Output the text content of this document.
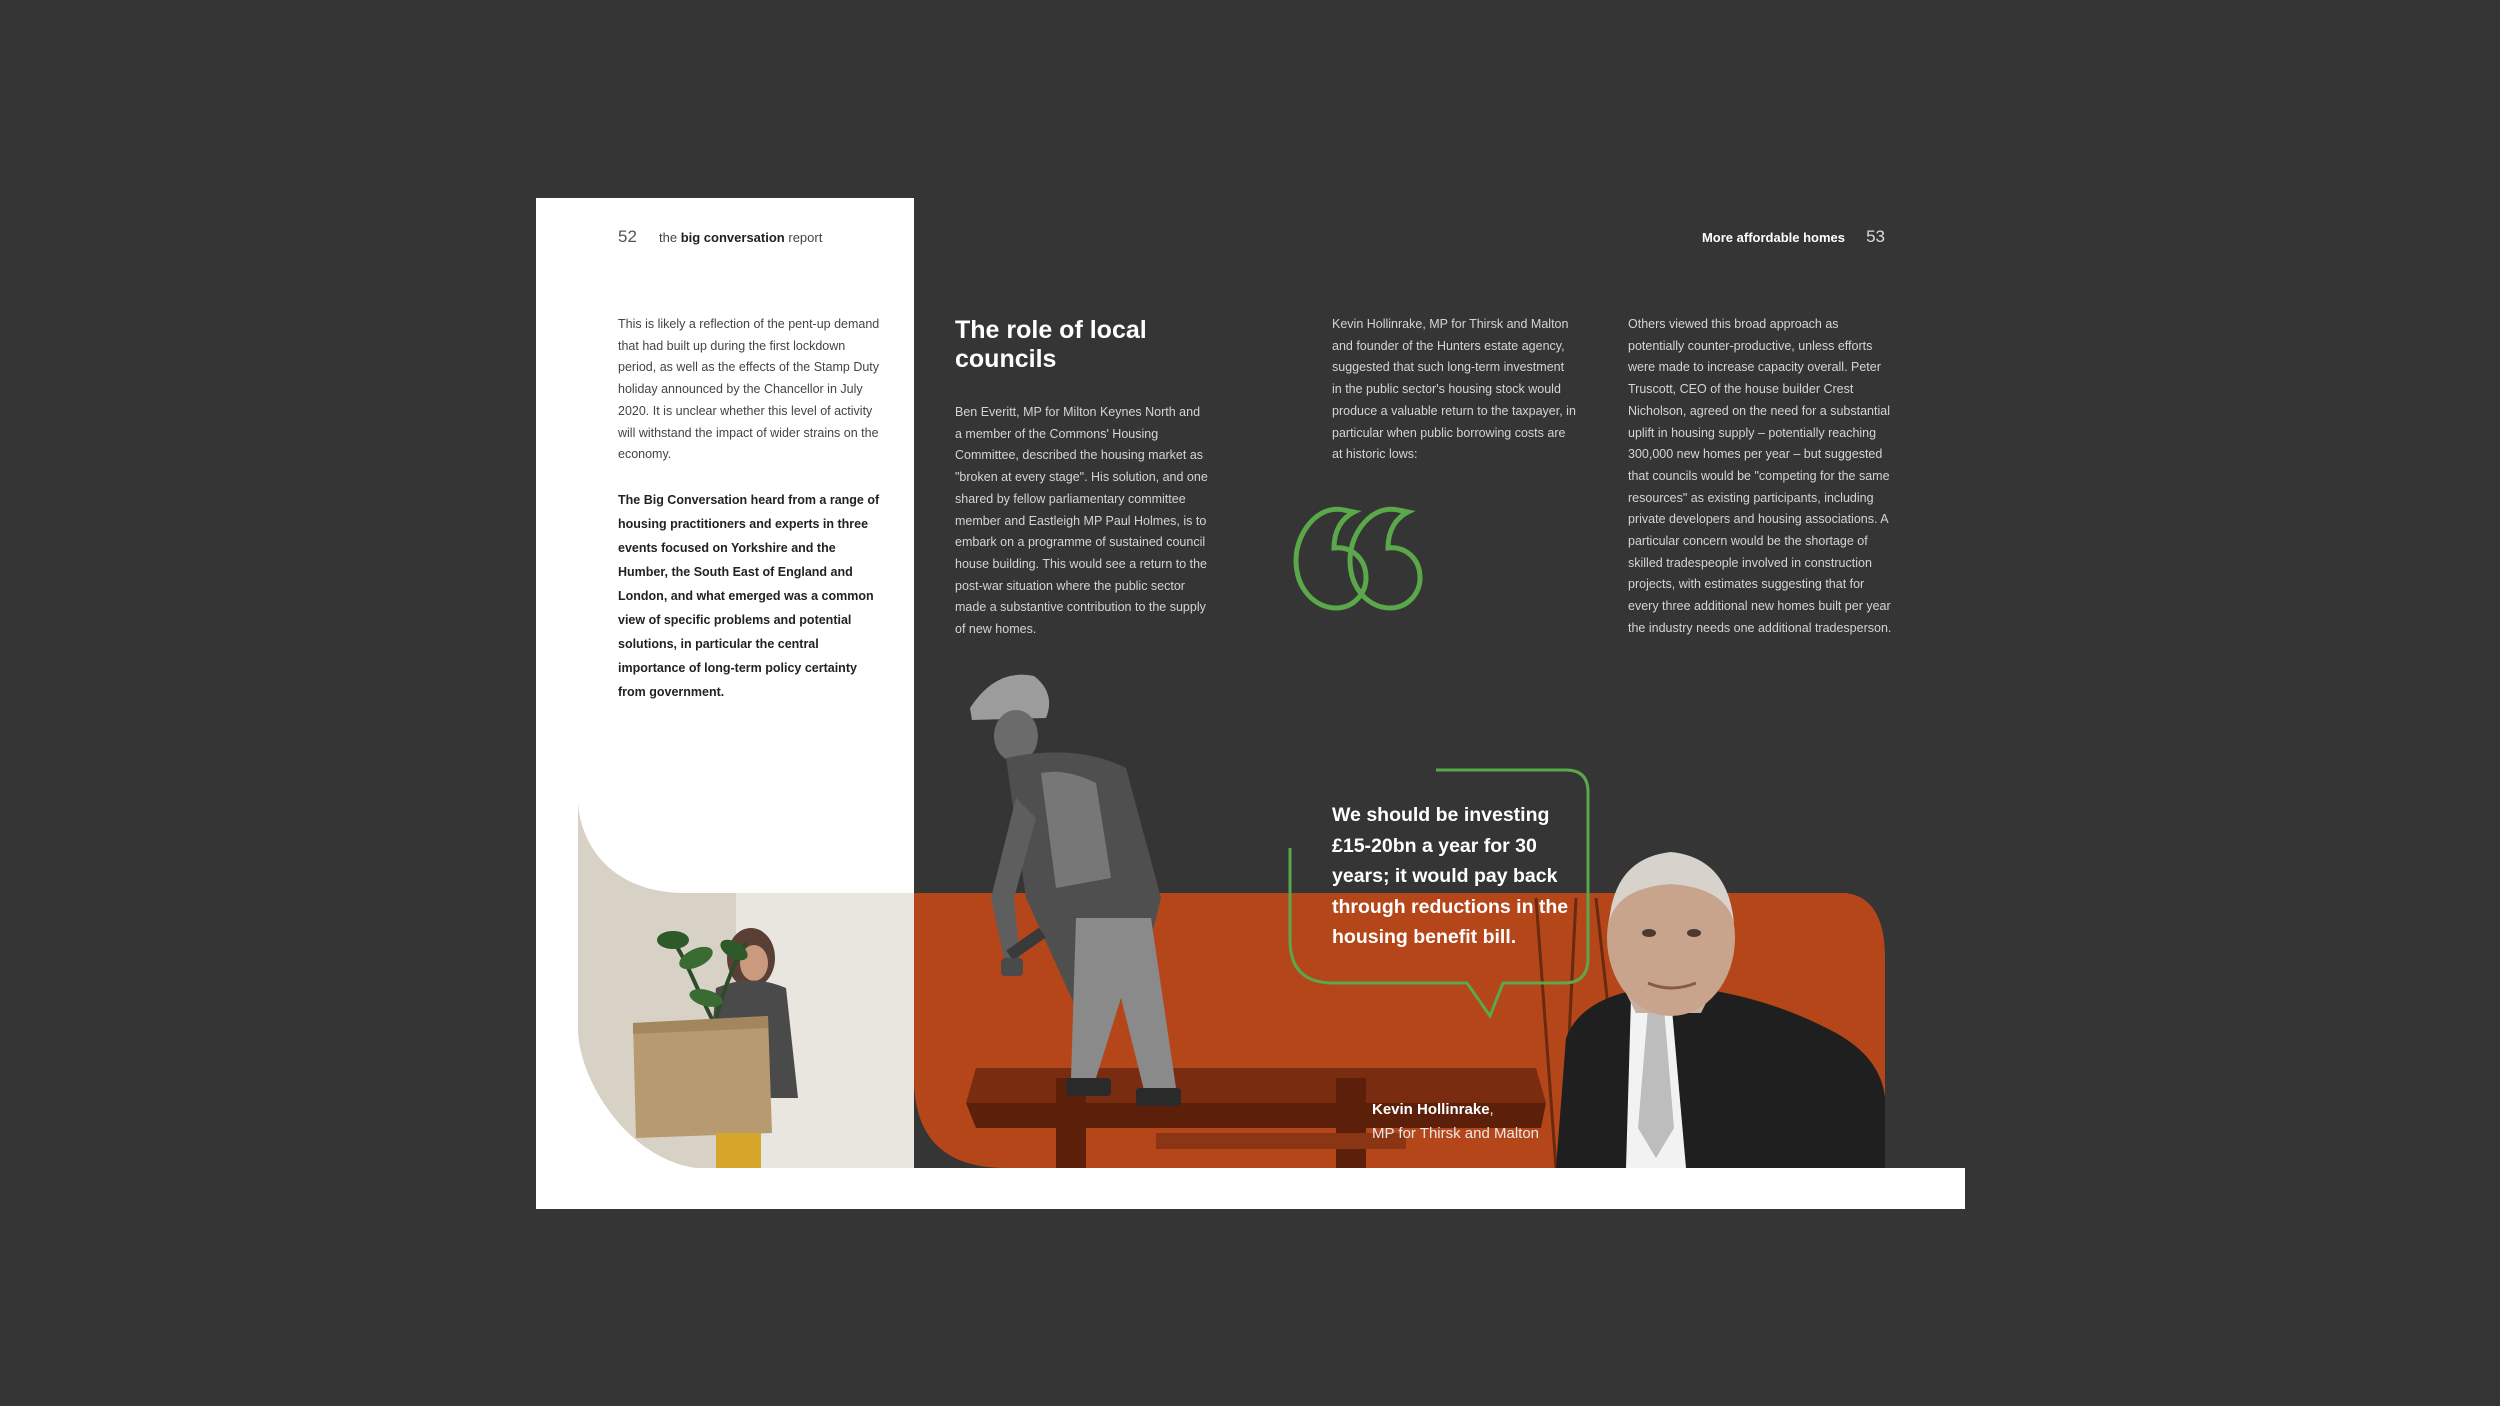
52 the big conversation report
This is likely a reflection of the pent-up demand that had built up during the first lockdown period, as well as the effects of the Stamp Duty holiday announced by the Chancellor in July 2020. It is unclear whether this level of activity will withstand the impact of wider strains on the economy.
The Big Conversation heard from a range of housing practitioners and experts in three events focused on Yorkshire and the Humber, the South East of England and London, and what emerged was a common view of specific problems and potential solutions, in particular the central importance of long-term policy certainty from government.
More affordable homes 53
The role of local councils
Ben Everitt, MP for Milton Keynes North and a member of the Commons' Housing Committee, described the housing market as "broken at every stage". His solution, and one shared by fellow parliamentary committee member and Eastleigh MP Paul Holmes, is to embark on a programme of sustained council house building. This would see a return to the post-war situation where the public sector made a substantive contribution to the supply of new homes.
Kevin Hollinrake, MP for Thirsk and Malton and founder of the Hunters estate agency, suggested that such long-term investment in the public sector's housing stock would produce a valuable return to the taxpayer, in particular when public borrowing costs are at historic lows:
Others viewed this broad approach as potentially counter-productive, unless efforts were made to increase capacity overall. Peter Truscott, CEO of the house builder Crest Nicholson, agreed on the need for a substantial uplift in housing supply – potentially reaching 300,000 new homes per year – but suggested that councils would be "competing for the same resources" as existing participants, including private developers and housing associations. A particular concern would be the shortage of skilled tradespeople involved in construction projects, with estimates suggesting that for every three additional new homes built per year the industry needs one additional tradesperson.
We should be investing £15-20bn a year for 30 years; it would pay back through reductions in the housing benefit bill.
Kevin Hollinrake,
MP for Thirsk and Malton
